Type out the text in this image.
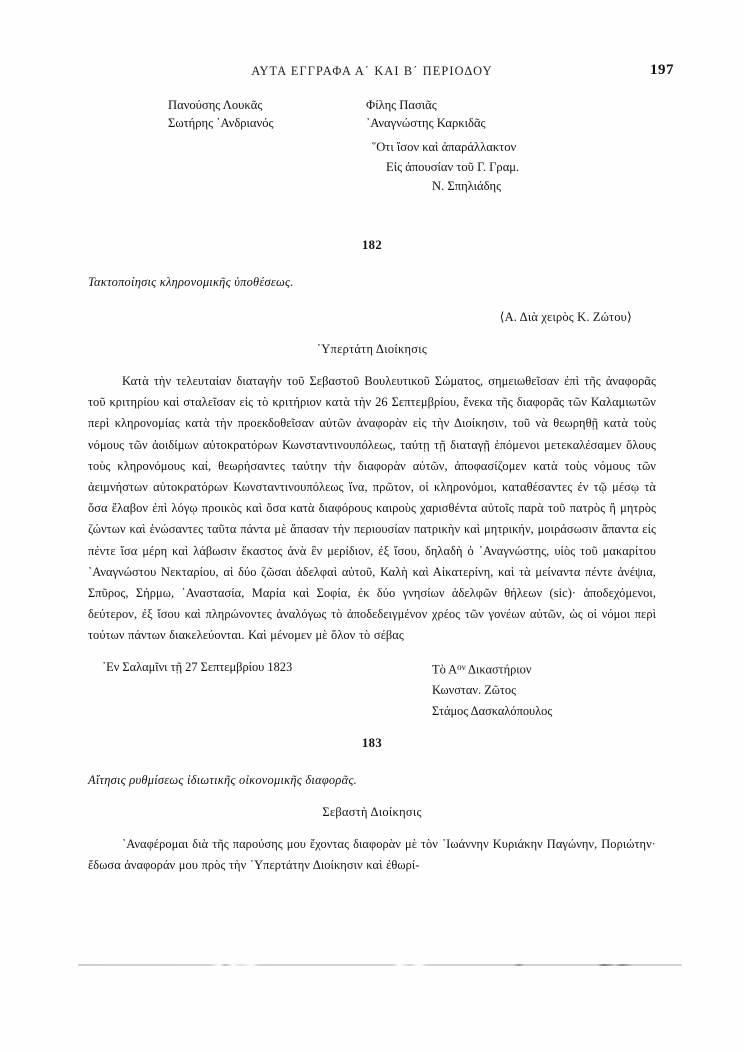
ΑΥΤΑ ΕΓΓΡΑΦΑ Α΄ ΚΑΙ Β΄ ΠΕΡΙΟΔΟΥ	197
Πανούσης Λουκᾶς
Σωτήρης ᾿Ανδριανός
Φίλης Πασιᾶς
᾿Αναγνώστης Καρκιδᾶς
῞Οτι ἴσον καὶ ἀπαράλλακτον
Εἰς ἀπουσίαν τοῦ Γ. Γραμ.
Ν. Σπηλιάδης
182
Τακτοποίησις κληρονομικῆς ὑποθέσεως.
⟨Α. Διὰ χειρὸς Κ. Ζώτου⟩
῾Υπερτάτη Διοίκησις
Κατὰ τὴν τελευταίαν διαταγὴν τοῦ Σεβαστοῦ Βουλευτικοῦ Σώματος, σημειωθεῖσαν ἐπὶ τῆς ἀναφορᾶς τοῦ κριτηρίου καὶ σταλεῖσαν εἰς τὸ κριτήριον κατὰ τὴν 26 Σεπτεμβρίου, ἕνεκα τῆς διαφορᾶς τῶν Καλαμιωτῶν περὶ κληρονομίας κατὰ τὴν προεκδοθεῖσαν αὐτῶν ἀναφορὰν εἰς τὴν Διοίκησιν, τοῦ νὰ θεωρηθῇ κατὰ τοὺς νόμους τῶν ἀοιδίμων αὐτοκρατόρων Κωνσταντινουπόλεως, ταύτῃ τῇ διαταγῇ ἑπόμενοι μετεκαλέσαμεν ὅλους τοὺς κληρονόμους καί, θεωρήσαντες ταύτην τὴν διαφορὰν αὐτῶν, ἀποφασίζομεν κατὰ τοὺς νόμους τῶν ἀειμνήστων αὐτοκρατόρων Κωνσταντινουπόλεως ἵνα, πρῶτον, οἱ κληρονόμοι, καταθέσαντες ἐν τῷ μέσῳ τὰ ὅσα ἔλαβον ἐπὶ λόγῳ προικὸς καὶ ὅσα κατὰ διαφόρους καιροὺς χαρισθέντα αὐτοῖς παρὰ τοῦ πατρὸς ἢ μητρὸς ζώντων καὶ ἑνώσαντες ταῦτα πάντα μὲ ἅπασαν τὴν περιουσίαν πατρικὴν καὶ μητρικήν, μοιράσωσιν ἅπαντα εἰς πέντε ἴσα μέρη καὶ λάβωσιν ἕκαστος ἀνὰ ἓν μερίδιον, ἐξ ἴσου, δηλαδὴ ὁ ᾿Αναγνώστης, υἱὸς τοῦ μακαρίτου ᾿Αναγνώστου Νεκταρίου, αἱ δύο ζῶσαι ἀδελφαὶ αὐτοῦ, Καλὴ καὶ Αἰκατερίνη, καὶ τὰ μείναντα πέντε ἀνέψια, Σπῦρος, Σήρμω, ᾿Αναστασία, Μαρία καὶ Σοφία, ἐκ δύο γνησίων ἀδελφῶν θήλεων (sic)· ἀποδεχόμενοι, δεύτερον, ἐξ ἴσου καὶ πληρώνοντες ἀναλόγως τὸ ἀποδεδειγμένον χρέος τῶν γονέων αὐτῶν, ὡς οἱ νόμοι περὶ τούτων πάντων διακελεύονται. Καὶ μένομεν μὲ ὅλον τὸ σέβας
᾿Εν Σαλαμῖνι τῇ 27 Σεπτεμβρίου 1823	Τὸ $A^{o\nu}$ Δικαστήριον
Κωνσταν. Ζῶτος
Στάμος Δασκαλόπουλος
183
Αἴτησις ρυθμίσεως ἰδιωτικῆς οἰκονομικῆς διαφορᾶς.
Σεβαστὴ Διοίκησις
᾿Αναφέρομαι διὰ τῆς παρούσης μου ἔχοντας διαφορὰν μὲ τὸν ᾿Ιωάννην Κυριάκην Παγώνην, Ποριώτην· ἔδωσα ἀναφοράν μου πρὸς τὴν ῾Υπερτάτην Διοίκησιν καὶ ἐθωρί-
